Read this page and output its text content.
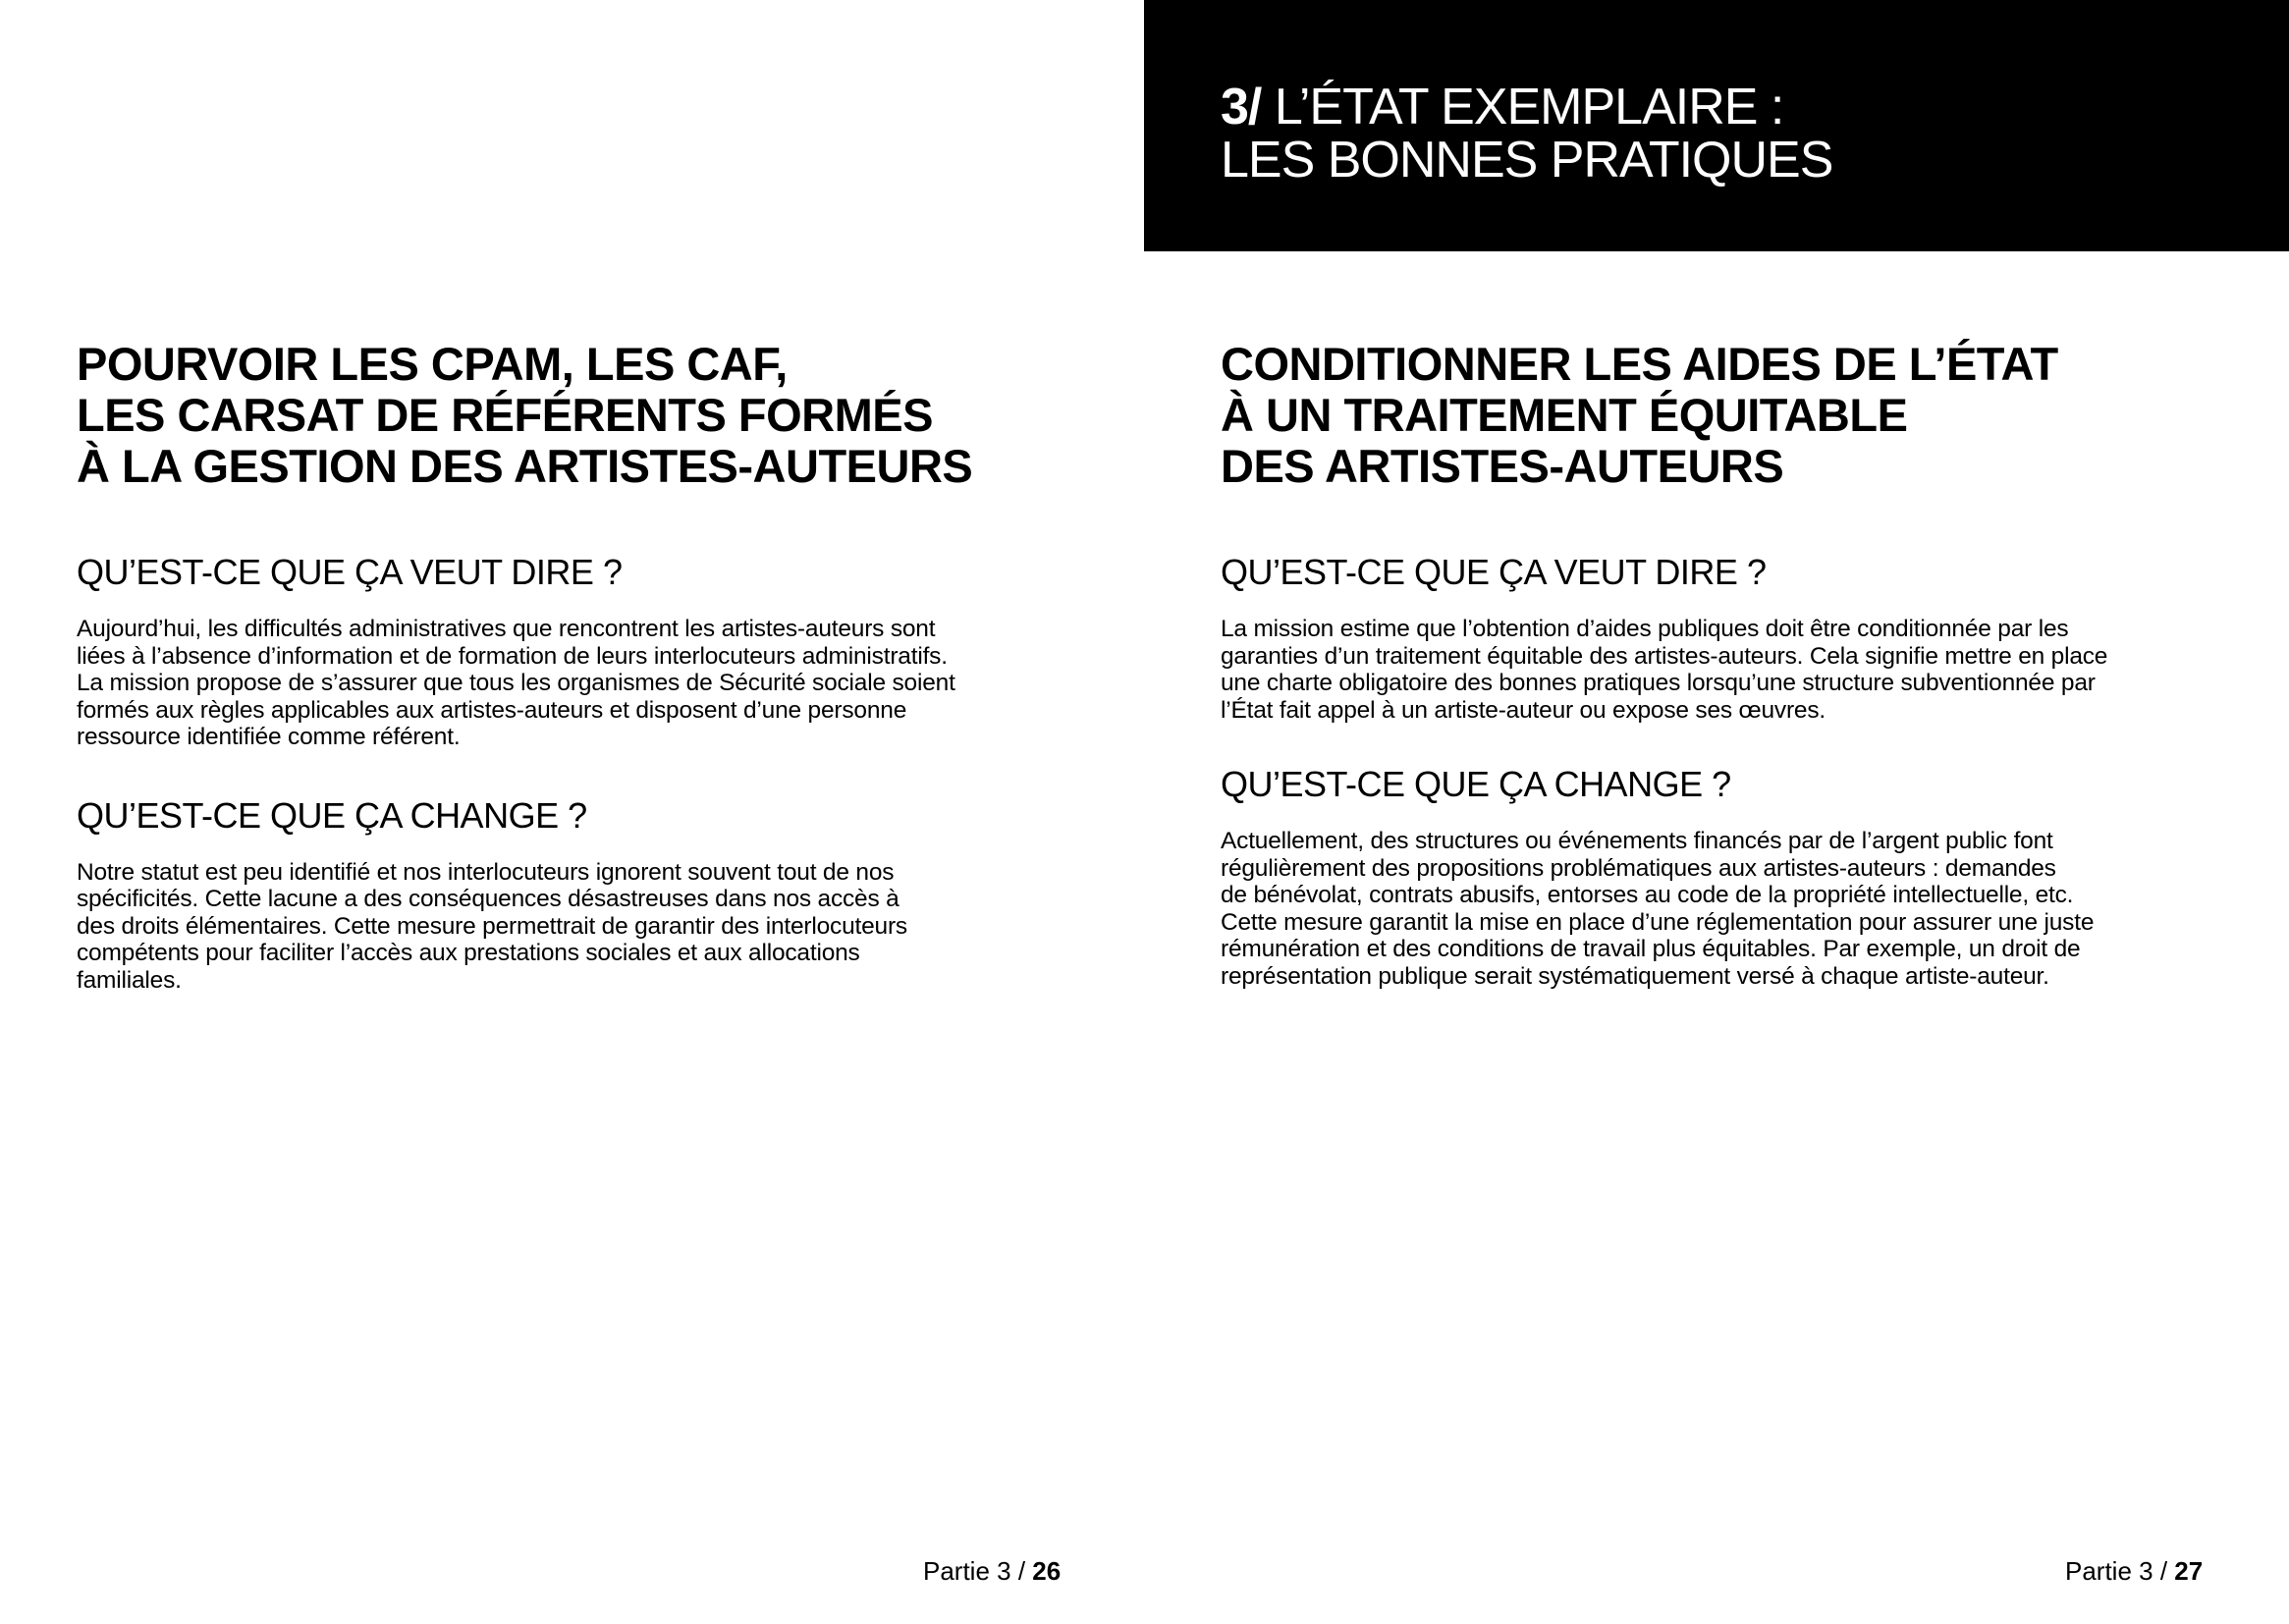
3/ L’ÉTAT EXEMPLAIRE :
LES BONNES PRATIQUES
POURVOIR LES CPAM, LES CAF,
LES CARSAT DE RÉFÉRENTS FORMÉS
À LA GESTION DES ARTISTES-AUTEURS
QU’EST-CE QUE ÇA VEUT DIRE ?

Aujourd’hui, les difficultés administratives que rencontrent les artistes-auteurs sont
liées à l’absence d’information et de formation de leurs interlocuteurs administratifs.
La mission propose de s’assurer que tous les organismes de Sécurité sociale soient
formés aux règles applicables aux artistes-auteurs et disposent d’une personne
ressource identifiée comme référent.

QU’EST-CE QUE ÇA CHANGE ?

Notre statut est peu identifié et nos interlocuteurs ignorent souvent tout de nos
spécificités. Cette lacune a des conséquences désastreuses dans nos accès à
des droits élémentaires. Cette mesure permettrait de garantir des interlocuteurs
compétents pour faciliter l’accès aux prestations sociales et aux allocations
familiales.

CONDITIONNER LES AIDES DE L’ÉTAT
À UN TRAITEMENT ÉQUITABLE
DES ARTISTES-AUTEURS
QU’EST-CE QUE ÇA VEUT DIRE ?

La mission estime que l’obtention d’aides publiques doit être conditionnée par les
garanties d’un traitement équitable des artistes-auteurs. Cela signifie mettre en place
une charte obligatoire des bonnes pratiques lorsqu’une structure subventionnée par
l’État fait appel à un artiste-auteur ou expose ses œuvres.

QU’EST-CE QUE ÇA CHANGE ?

Actuellement, des structures ou événements financés par de l’argent public font
régulièrement des propositions problématiques aux artistes-auteurs : demandes
de bénévolat, contrats abusifs, entorses au code de la propriété intellectuelle, etc.
Cette mesure garantit la mise en place d’une réglementation pour assurer une juste
rémunération et des conditions de travail plus équitables. Par exemple, un droit de
représentation publique serait systématiquement versé à chaque artiste-auteur.

Partie 3 / 26	Partie 3 / 27
